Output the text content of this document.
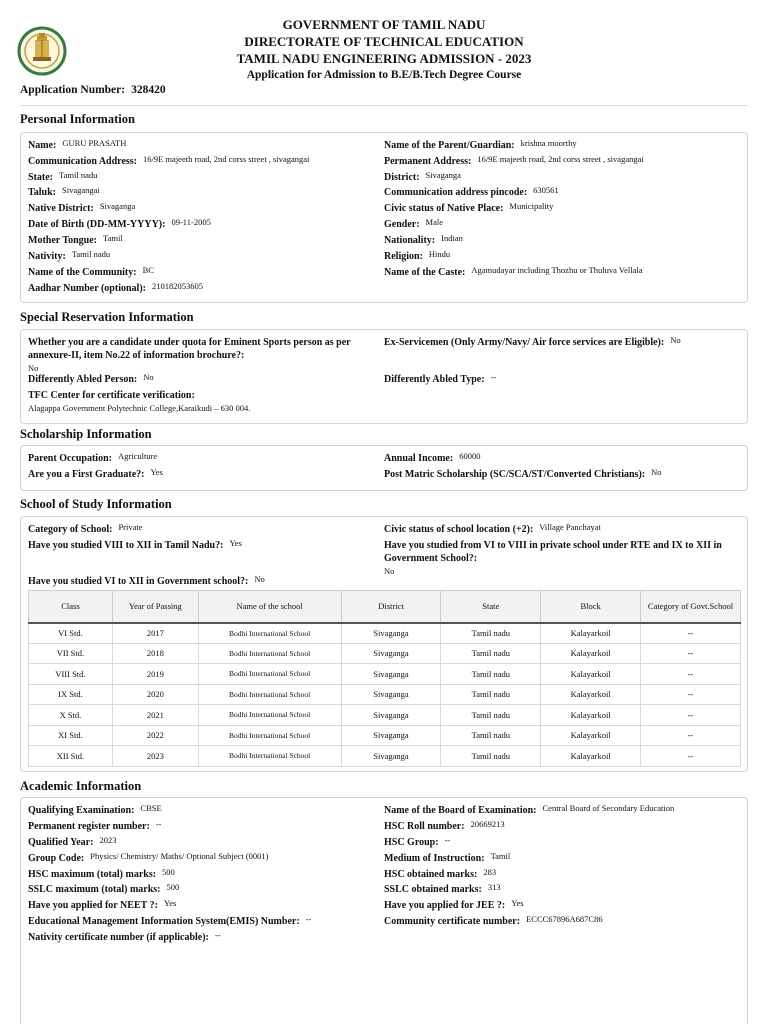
GOVERNMENT OF TAMIL NADU
DIRECTORATE OF TECHNICAL EDUCATION
TAMIL NADU ENGINEERING ADMISSION - 2023
Application for Admission to B.E/B.Tech Degree Course
Application Number: 328420
Personal Information
Name: $^{GURU PRASATH}$
Communication Address: $^{16/9E majeeth road, 2nd corss street , sivagangai}$
State: $^{Tamil nadu}$
Taluk: $^{Sivagangai}$
Native District: $^{Sivaganga}$
Date of Birth (DD-MM-YYYY): $^{09-11-2005}$
Mother Tongue: $^{Tamil}$
Nativity: $^{Tamil nadu}$
Name of the Community: $^{BC}$
Aadhar Number (optional): $^{210182053605}$
Name of the Parent/Guardian: $^{krishna moorthy}$
Permanent Address: $^{16/9E majeeth road, 2nd corss street , sivagangai}$
District: $^{Sivaganga}$
Communication address pincode: $^{630561}$
Civic status of Native Place: $^{Municipality}$
Gender: $^{Male}$
Nationality: $^{Indian}$
Religion: $^{Hindu}$
Name of the Caste: $^{Agamudayar including Thozhu or Thuluva Vellala}$
Special Reservation Information
Whether you are a candidate under quota for Eminent Sports person as per annexure-II, item No.22 of information brochure?:
No
Ex-Servicemen (Only Army/Navy/ Air force services are Eligible): $^{No}$
Differently Abled Person: $^{No}$	Differently Abled Type: --
TFC Center for certificate verification:
Alagappa Government Polytechnic College,Karaikudi – 630 004.
Scholarship Information
Parent Occupation: $^{Agriculture}$
Are you a First Graduate?: $^{Yes}$
Annual Income: $^{60000}$
Post Matric Scholarship (SC/SCA/ST/Converted Christians): $^{No}$
School of Study Information
Category of School: $^{Private}$
Have you studied VIII to XII in Tamil Nadu?: $^{Yes}$
Civic status of school location (+2): $^{Village Panchayat}$
Have you studied from VI to VIII in private school under RTE and IX to XII in Government School?:
No
Have you studied VI to XII in Government school?: $^{No}$
Class	Year of Passing	Name of the school	District	State	Block	Category of Govt.School
VI Std.	2017	Bodhi International School	Sivaganga	Tamil nadu	Kalayarkoil	--
VII Std.	2018	Bodhi International School	Sivaganga	Tamil nadu	Kalayarkoil	--
VIII Std.	2019	Bodhi International School	Sivaganga	Tamil nadu	Kalayarkoil	--
IX Std.	2020	Bodhi International School	Sivaganga	Tamil nadu	Kalayarkoil	--
X Std.	2021	Bodhi International School	Sivaganga	Tamil nadu	Kalayarkoil	--
XI Std.	2022	Bodhi International School	Sivaganga	Tamil nadu	Kalayarkoil	--
XII Std.	2023	Bodhi International School	Sivaganga	Tamil nadu	Kalayarkoil	--
Academic Information
Qualifying Examination: $^{CBSE}$
Permanent register number: --
Qualified Year: $^{2023}$
Group Code: $^{Physics/ Chemistry/ Maths/ Optional Subject (0001)}$
HSC maximum (total) marks: $^{500}$
SSLC maximum (total) marks: $^{500}$
Have you applied for NEET ?: $^{Yes}$
Educational Management Information System(EMIS) Number: --
Nativity certificate number (if applicable): --
Name of the Board of Examination: $^{Central Board of Secondary Education}$
HSC Roll number: $^{20669213}$
HSC Group: --
Medium of Instruction: $^{Tamil}$
HSC obtained marks: $^{283}$
SSLC obtained marks: $^{313}$
Have you applied for JEE ?: $^{Yes}$
Community certificate number: $^{ECCC67896A687C86}$
